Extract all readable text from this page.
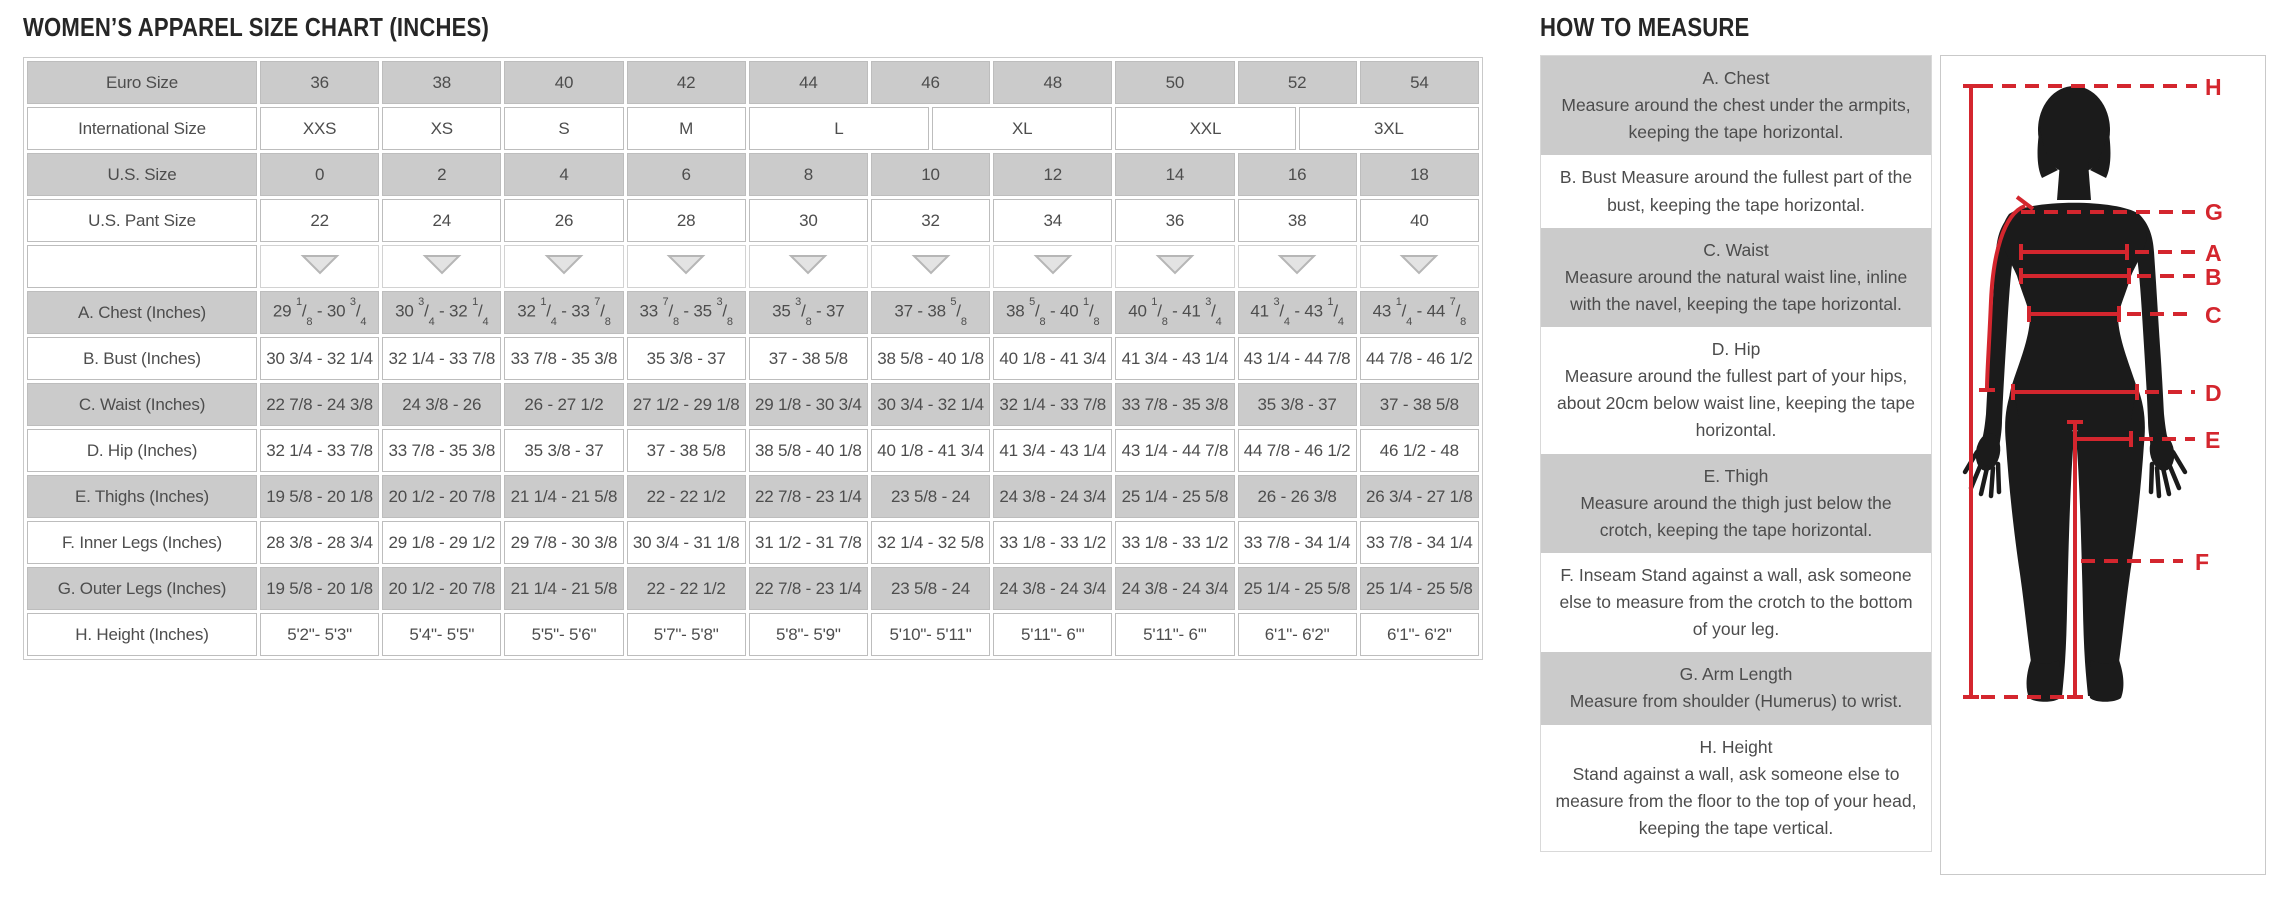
WOMEN’S APPAREL SIZE CHART (INCHES)
Euro Size	36	38	40	42	44	46		48	50	52		54
International Size	XXS	XS	S	M	L		XL		XXL		3XL	
U.S. Size	0	2	4	6	8	10		12	14	16		18
U.S. Pant Size	22	24	26	28	30	32		34	36	38		40

A. Chest (Inches)	29 $^1/_8 - 30$ $^3/_4$	30 $^3/_4 - 32$ $^1/_4$	32 $^1/_4 - 33$ $^7/_8$	33 $^7/_8 - 35$ $^3/_8$	35 $^3/_8 - 37$	37 - 38 $^5/_8$		38 $^5/_8 - 40$ $^1/_8$	40 $^1/_8 - 41$ $^3/_4$	41 $^3/_4 - 43$ $^1/_4$		43 $^1/_4 - 44$ $^7/_8$
B. Bust (Inches)	30 3/4 - 32 1/4	32 1/4 - 33 7/8	33 7/8 - 35 3/8	35 3/8 - 37	37 - 38 5/8	38 5/8 - 40 1/8		40 1/8 - 41 3/4	41 3/4 - 43 1/4	43 1/4 - 44 7/8		44 7/8 - 46 1/2
C. Waist (Inches)	22 7/8 - 24 3/8	24 3/8 - 26	26 - 27 1/2	27 1/2 - 29 1/8	29 1/8 - 30 3/4	30 3/4 - 32 1/4		32 1/4 - 33 7/8	33 7/8 - 35 3/8	35 3/8 - 37		37 - 38 5/8
D. Hip (Inches)	32 1/4 - 33 7/8	33 7/8 - 35 3/8	35 3/8 - 37	37 - 38 5/8	38 5/8 - 40 1/8	40 1/8 - 41 3/4		41 3/4 - 43 1/4	43 1/4 - 44 7/8	44 7/8 - 46 1/2		46 1/2 - 48
E. Thighs (Inches)	19 5/8 - 20 1/8	20 1/2 - 20 7/8	21 1/4 - 21 5/8	22 - 22 1/2	22 7/8 - 23 1/4	23 5/8 - 24		24 3/8 - 24 3/4	25 1/4 - 25 5/8	26 - 26 3/8		26 3/4 - 27 1/8
F. Inner Legs (Inches)	28 3/8 - 28 3/4	29 1/8 - 29 1/2	29 7/8 - 30 3/8	30 3/4 - 31 1/8	31 1/2 - 31 7/8	32 1/4 - 32 5/8		33 1/8 - 33 1/2	33 1/8 - 33 1/2	33 7/8 - 34 1/4		33 7/8 - 34 1/4
G. Outer Legs (Inches)	19 5/8 - 20 1/8	20 1/2 - 20 7/8	21 1/4 - 21 5/8	22 - 22 1/2	22 7/8 - 23 1/4	23 5/8 - 24		24 3/8 - 24 3/4	24 3/8 - 24 3/4	25 1/4 - 25 5/8		25 1/4 - 25 5/8
H. Height (Inches)	5'2"- 5'3"	5'4"- 5'5"	5'5"- 5'6"	5'7"- 5'8"	5'8"- 5'9"	5'10"- 5'11"		5'11"- 6'"	5'11"- 6'"	6'1"- 6'2"		6'1"- 6'2"
HOW TO MEASURE
A. Chest
Measure around the chest under the armpits, keeping the tape horizontal.
B. Bust Measure around the fullest part of the bust, keeping the tape horizontal.
C. Waist
Measure around the natural waist line, inline with the navel, keeping the tape horizontal.
D. Hip
Measure around the fullest part of your hips, about 20cm below waist line, keeping the tape horizontal.
E. Thigh
Measure around the thigh just below the crotch, keeping the tape horizontal.
F. Inseam Stand against a wall, ask someone else to measure from the crotch to the bottom of your leg.
G. Arm Length
Measure from shoulder (Humerus) to wrist.
H. Height
Stand against a wall, ask someone else to measure from the floor to the top of your head, keeping the tape vertical.
H
G
A
B
C
D
E
F
